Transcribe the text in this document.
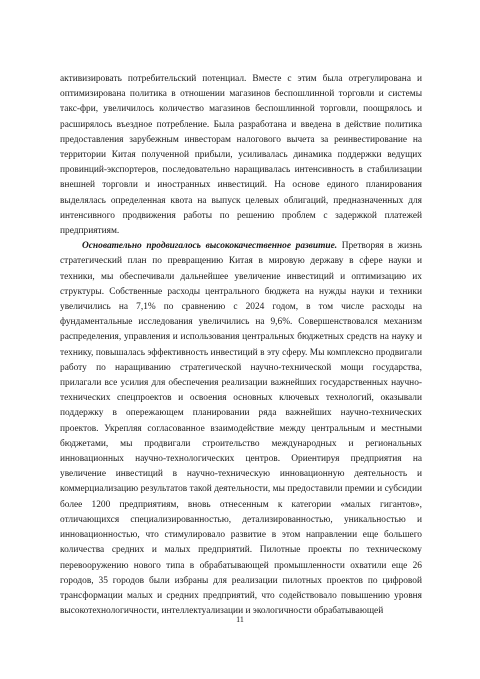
активизировать потребительский потенциал. Вместе с этим была отрегулирована и оптимизирована политика в отношении магазинов беспошлинной торговли и системы такс-фри, увеличилось количество магазинов беспошлинной торговли, поощрялось и расширялось въездное потребление. Была разработана и введена в действие политика предоставления зарубежным инвесторам налогового вычета за реинвестирование на территории Китая полученной прибыли, усиливалась динамика поддержки ведущих провинций-экспортеров, последовательно наращивалась интенсивность в стабилизации внешней торговли и иностранных инвестиций. На основе единого планирования выделялась определенная квота на выпуск целевых облигаций, предназначенных для интенсивного продвижения работы по решению проблем с задержкой платежей предприятиям.

Основательно продвигалось высококачественное развитие. Претворяя в жизнь стратегический план по превращению Китая в мировую державу в сфере науки и техники, мы обеспечивали дальнейшее увеличение инвестиций и оптимизацию их структуры. Собственные расходы центрального бюджета на нужды науки и техники увеличились на 7,1% по сравнению с 2024 годом, в том числе расходы на фундаментальные исследования увеличились на 9,6%. Совершенствовался механизм распределения, управления и использования центральных бюджетных средств на науку и технику, повышалась эффективность инвестиций в эту сферу. Мы комплексно продвигали работу по наращиванию стратегической научно-технической мощи государства, прилагали все усилия для обеспечения реализации важнейших государственных научно-технических спецпроектов и освоения основных ключевых технологий, оказывали поддержку в опережающем планировании ряда важнейших научно-технических проектов. Укрепляя согласованное взаимодействие между центральным и местными бюджетами, мы продвигали строительство международных и региональных инновационных научно-технологических центров. Ориентируя предприятия на увеличение инвестиций в научно-техническую инновационную деятельность и коммерциализацию результатов такой деятельности, мы предоставили премии и субсидии более 1200 предприятиям, вновь отнесенным к категории «малых гигантов», отличающихся специализированностью, детализированностью, уникальностью и инновационностью, что стимулировало развитие в этом направлении еще большего количества средних и малых предприятий. Пилотные проекты по техническому перевооружению нового типа в обрабатывающей промышленности охватили еще 26 городов, 35 городов были избраны для реализации пилотных проектов по цифровой трансформации малых и средних предприятий, что содействовало повышению уровня высокотехнологичности, интеллектуализации и экологичности обрабатывающей

11
